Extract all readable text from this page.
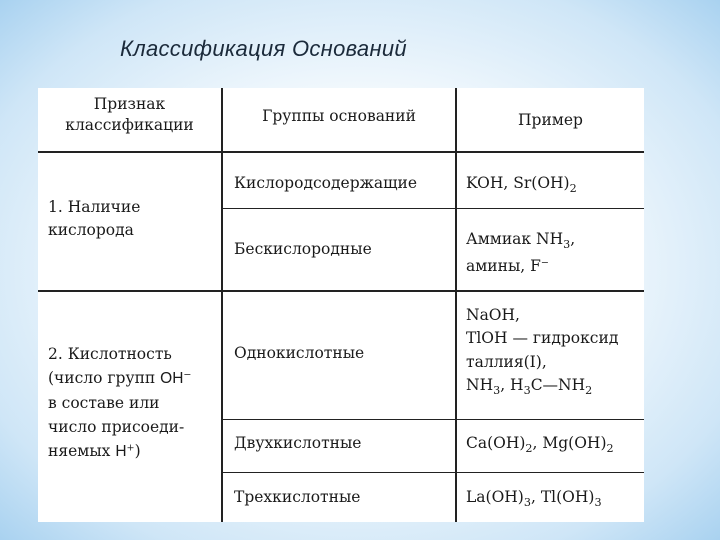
Классификация Оснований
Признак
классификации	Группы оснований	Пример
1. Наличие
кислорода
2. Кислотность
(число групп OH−
в составе или
число присоеди-
няемых H+)
Кислородсодержащие
Бескислородные
Однокислотные
Двухкислотные
Трехкислотные
KOH, $Sr(OH)_2$
Аммиак $NH_3$,
амины, F−
NaOH,
TlOH — гидроксид
таллия(I),
$NH_3$, $H_3C—NH_2$
$Ca(OH)_2$, $Mg(OH)_2$
$La(OH)_3$, $Tl(OH)_3$
